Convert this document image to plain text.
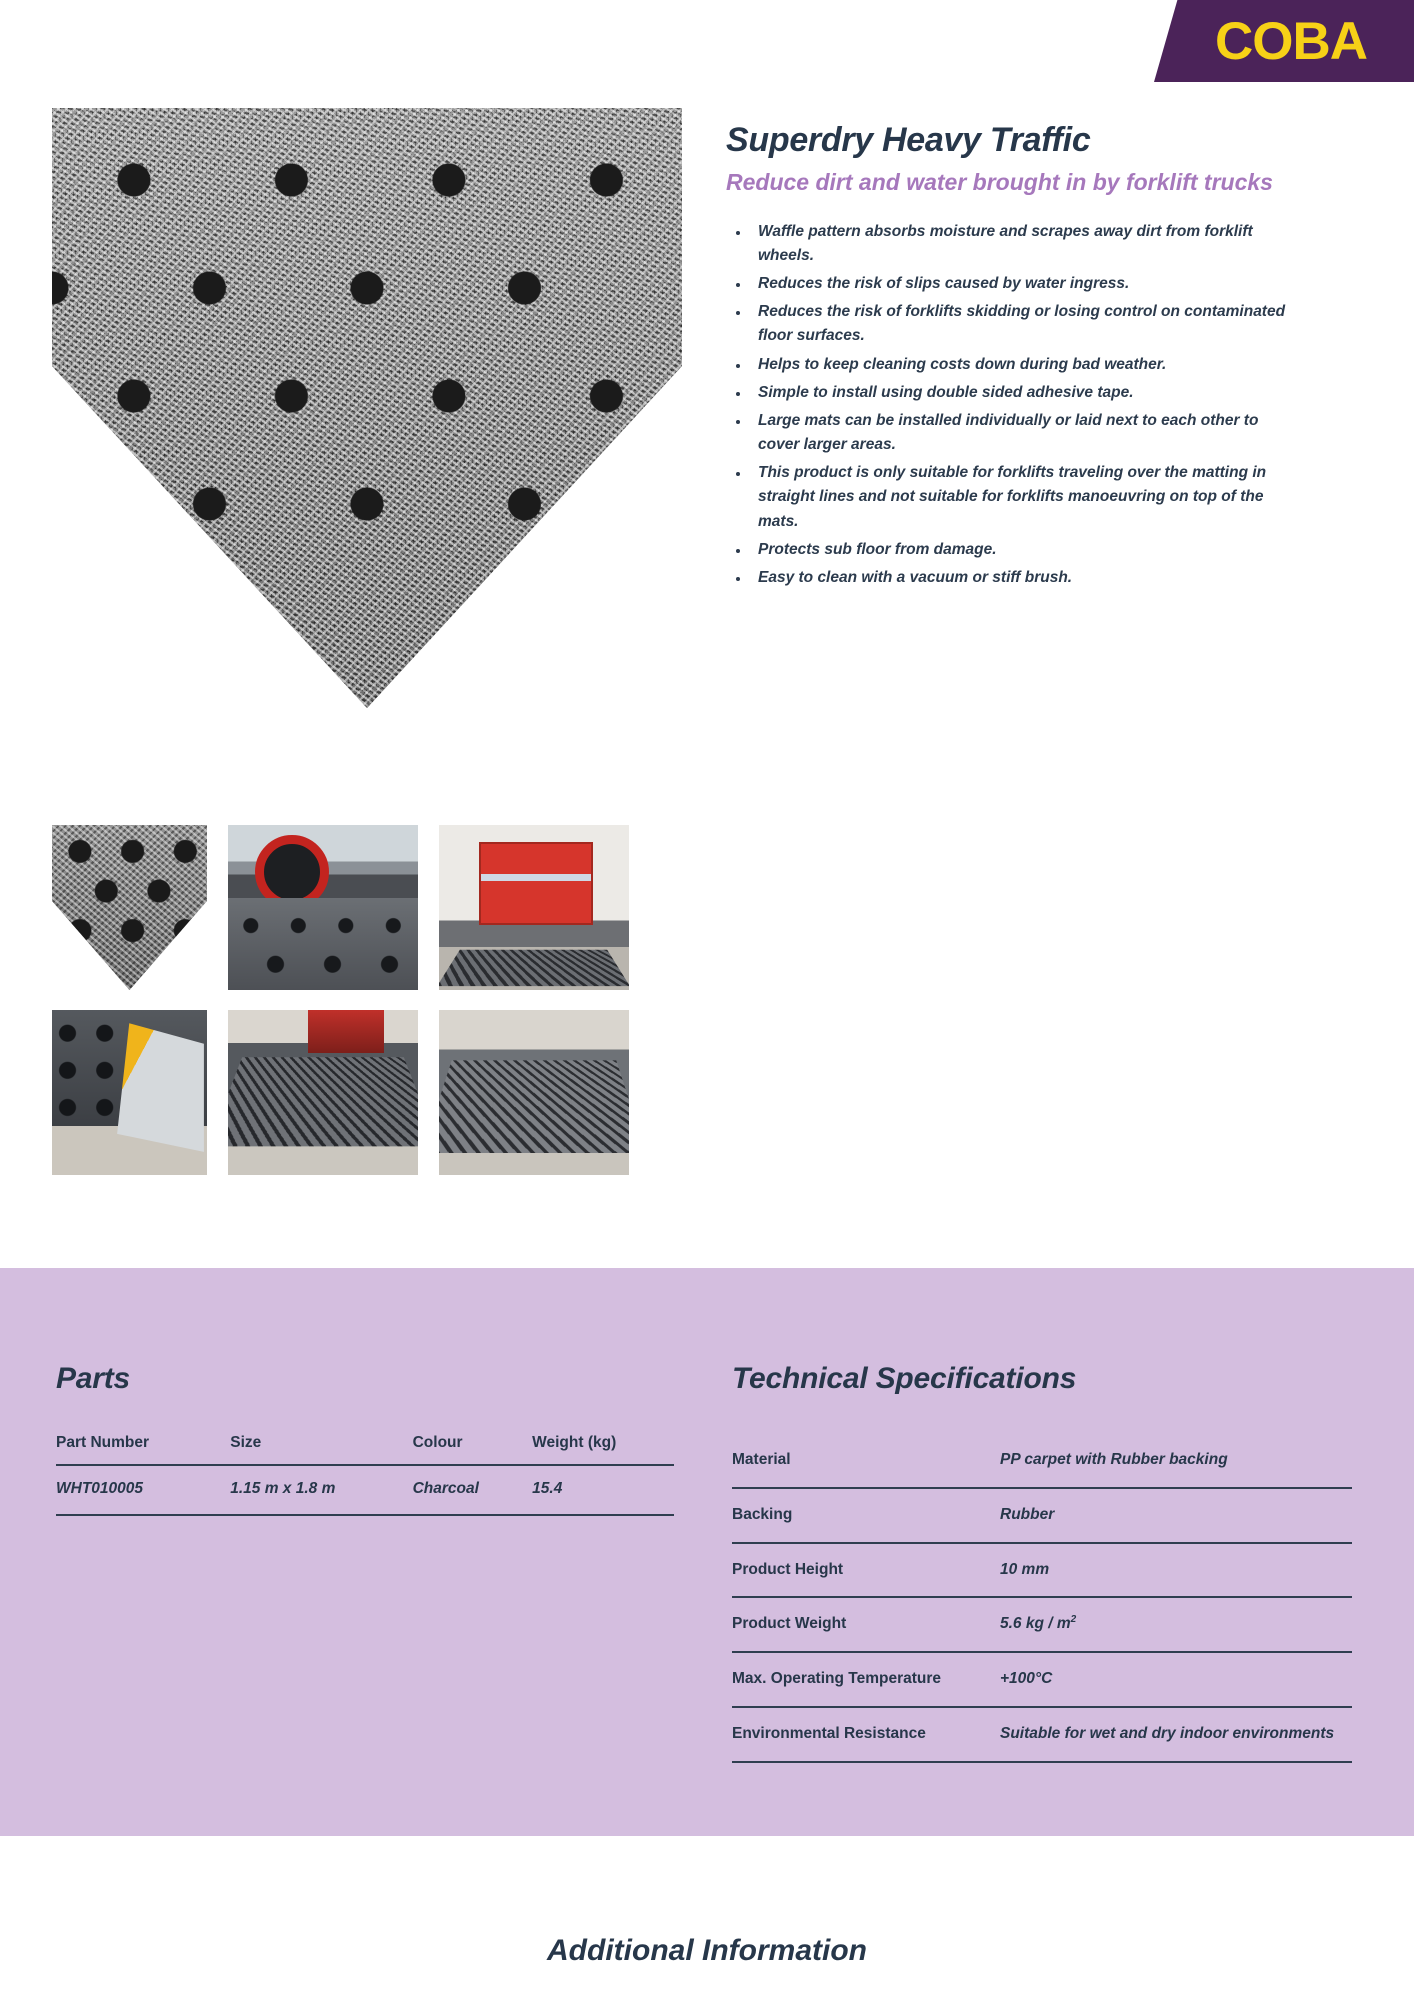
COBA
Superdry Heavy Traffic
Reduce dirt and water brought in by forklift trucks
Waffle pattern absorbs moisture and scrapes away dirt from forklift wheels.
Reduces the risk of slips caused by water ingress.
Reduces the risk of forklifts skidding or losing control on contaminated floor surfaces.
Helps to keep cleaning costs down during bad weather.
Simple to install using double sided adhesive tape.
Large mats can be installed individually or laid next to each other to cover larger areas.
This product is only suitable for forklifts traveling over the matting in straight lines and not suitable for forklifts manoeuvring on top of the mats.
Protects sub floor from damage.
Easy to clean with a vacuum or stiff brush.
Parts
Part Number	Size	Colour	Weight (kg)
WHT010005	1.15 m x 1.8 m	Charcoal	15.4
Technical Specifications
Material	PP carpet with Rubber backing
Backing	Rubber
Product Height	10 mm
Product Weight	5.6 kg / $m^2$
Max. Operating Temperature	+100°C
Environmental Resistance	Suitable for wet and dry indoor environments
Additional Information
